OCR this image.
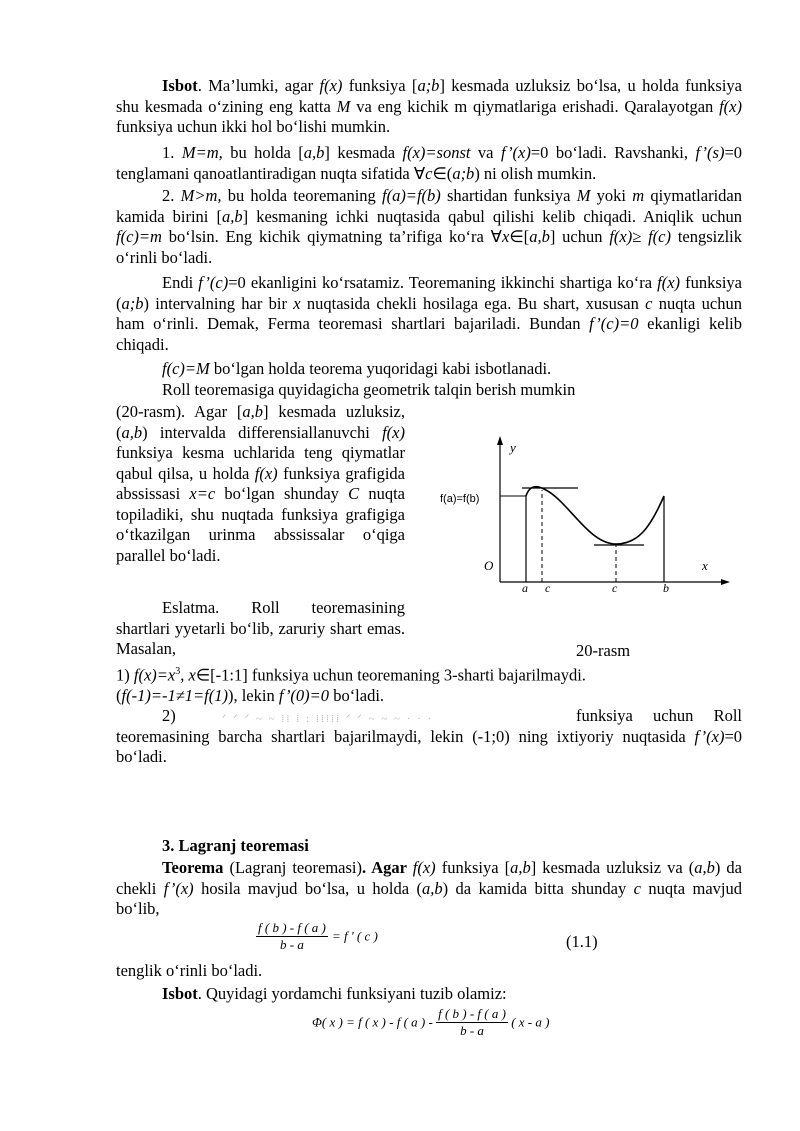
Isbot. Ma’lumki, agar f(x) funksiya [a;b] kesmada uzluksiz bo‘lsa, u holda funksiya shu kesmada o‘zining eng katta M va eng kichik m qiymatlariga erishadi. Qaralayotgan f(x) funksiya uchun ikki hol bo‘lishi mumkin.

1. M=m, bu holda [a,b] kesmada f(x)=sonst va f’(x)=0 bo‘ladi. Ravshanki, f’(s)=0 tenglamani qanoatlantiradigan nuqta sifatida ∀c∈(a;b) ni olish mumkin.

2. M>m, bu holda teoremaning f(a)=f(b) shartidan funksiya M yoki m qiymatlaridan kamida birini [a,b] kesmaning ichki nuqtasida qabul qilishi kelib chiqadi. Aniqlik uchun f(c)=m bo‘lsin. Eng kichik qiymatning ta’rifiga ko‘ra ∀x∈[a,b] uchun f(x)≥ f(c) tengsizlik o‘rinli bo‘ladi.

Endi f’(c)=0 ekanligini ko‘rsatamiz. Teoremaning ikkinchi shartiga ko‘ra f(x) funksiya (a;b) intervalning har bir x nuqtasida chekli hosilaga ega. Bu shart, xususan c nuqta uchun ham o‘rinli. Demak, Ferma teoremasi shartlari bajariladi. Bundan f’(c)=0 ekanligi kelib chiqadi.

f(c)=M bo‘lgan holda teorema yuqoridagi kabi isbotlanadi.

Roll teoremasiga quyidagicha geometrik talqin berish mumkin

(20-rasm). Agar [a,b] kesmada uzluksiz, (a,b) intervalda differensiallanuvchi f(x) funksiya kesma uchlarida teng qiymatlar qabul qilsa, u holda f(x) funksiya grafigida abssissasi x=c bo‘lgan shunday C nuqta topiladiki, shu nuqtada funksiya grafigiga o‘tkazilgan urinma abssissalar o‘qiga parallel bo‘ladi.

Eslatma. Roll teoremasining shartlari yyetarli bo‘lib, zaruriy shart emas. Masalan,

y
x
O
f(a)=f(b)
a c	c	b
20-rasm

1) $f(x)=x^3$, x∈[-1:1] funksiya uchun teoremaning 3-sharti bajarilmaydi.
(f(-1)=-1≠1=f(1)), lekin f’(0)=0 bo‘ladi.

2)	ᐟ ᐟ ᐟ ~ ~ ⁞⁞ ⁞ : ⁞⁞⁞⁞⁞ ᐟ ᐟ ~ ~ ~ · · ·	funksiya uchun Roll teoremasining barcha shartlari bajarilmaydi, lekin (-1;0) ning ixtiyoriy nuqtasida f’(x)=0 bo‘ladi.

3. Lagranj teoremasi

Teorema (Lagranj teoremasi). Agar f(x) funksiya [a,b] kesmada uzluksiz va (a,b) da chekli f’(x) hosila mavjud bo‘lsa, u holda (a,b) da kamida bitta shunday c nuqta mavjud bo‘lib,

$\frac{f ( b ) - f ( a )}{b - a} = f$ ' ( c )	(1.1)

tenglik o‘rinli bo‘ladi.

Isbot. Quyidagi yordamchi funksiyani tuzib olamiz:

Φ( x ) = f ( x ) - f ( a ) - $\frac{f ( b ) - f ( a )}{b - a}$ ( x - a )
